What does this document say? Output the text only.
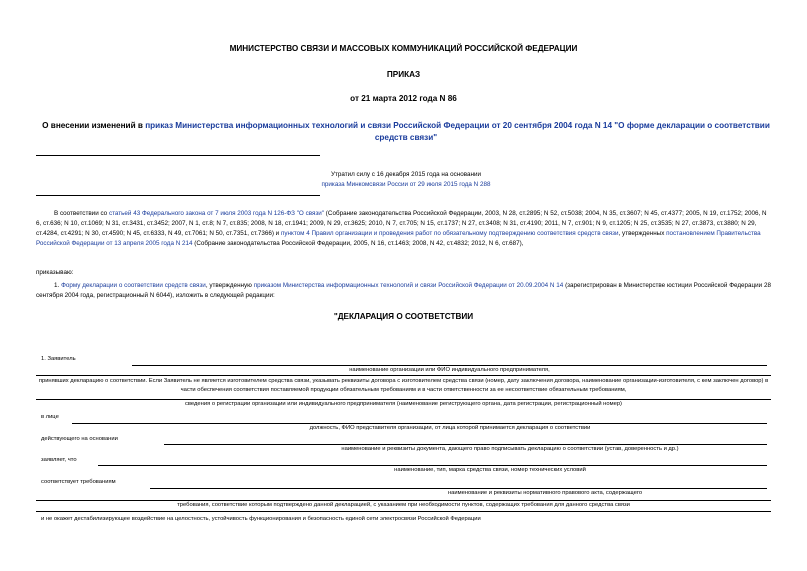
МИНИСТЕРСТВО СВЯЗИ И МАССОВЫХ КОММУНИКАЦИЙ РОССИЙСКОЙ ФЕДЕРАЦИИ
ПРИКАЗ
от 21 марта 2012 года N 86
О внесении изменений в приказ Министерства информационных технологий и связи Российской Федерации от 20 сентября 2004 года N 14 "О форме декларации о соответствии средств связи"
Утратил силу с 16 декабря 2015 года на основании
приказа Минкомсвязи России от 29 июля 2015 года N 288
В соответствии со статьей 43 Федерального закона от 7 июля 2003 года N 126-ФЗ "О связи" (Собрание законодательства Российской Федерации, 2003, N 28, ст.2895; N 52, ст.5038; 2004, N 35, ст.3607; N 45, ст.4377; 2005, N 19, ст.1752; 2006, N 6, ст.636; N 10, ст.1069; N 31, ст.3431, ст.3452; 2007, N 1, ст.8; N 7, ст.835; 2008, N 18, ст.1941; 2009, N 29, ст.3625; 2010, N 7, ст.705; N 15, ст.1737; N 27, ст.3408; N 31, ст.4190; 2011, N 7, ст.901; N 9, ст.1205; N 25, ст.3535; N 27, ст.3873, ст.3880; N 29, ст.4284, ст.4291; N 30, ст.4590; N 45, ст.6333, N 49, ст.7061; N 50, ст.7351, ст.7366) и пунктом 4 Правил организации и проведения работ по обязательному подтверждению соответствия средств связи, утвержденных постановлением Правительства Российской Федерации от 13 апреля 2005 года N 214 (Собрание законодательства Российской Федерации, 2005, N 16, ст.1463; 2008, N 42, ст.4832; 2012, N 6, ст.687),
приказываю:
1. Форму декларации о соответствии средств связи, утвержденную приказом Министерства информационных технологий и связи Российской Федерации от 20.09.2004 N 14 (зарегистрирован в Министерстве юстиции Российской Федерации 28 сентября 2004 года, регистрационный N 6044), изложить в следующей редакции:
"ДЕКЛАРАЦИЯ О СООТВЕТСТВИИ
1. Заявитель
наименование организации или ФИО индивидуального предпринимателя,
принявших декларацию о соответствии. Если Заявитель не является изготовителем средства связи, указывать реквизиты договора с изготовителем средства связи (номер, дату заключения договора, наименование организации-изготовителя, с кем заключен договор) в части обеспечения соответствия поставляемой продукции обязательным требованиям и в части ответственности за ее несоответствие обязательным требованиям,
сведения о регистрации организации или индивидуального предпринимателя (наименование региструющего органа, дата регистрации, регистрационный номер)
в лице
должность, ФИО представителя организации, от лица которой принимается декларация о соответствии
действующего на основании
наименование и реквизиты документа, дающего право подписывать декларацию о соответствии (устав, доверенность и др.)
заявляет, что
наименование, тип, марка средства связи, номер технических условий
соответствует требованиям
наименование и реквизиты нормативного правового акта, содержащего
требования, соответствие которым подтверждено данной декларацией, с указанием при необходимости пунктов, содержащих требования для данного средства связи
и не окажет дестабилизирующее воздействие на целостность, устойчивость функционирования и безопасность единой сети электросвязи Российской Федерации
